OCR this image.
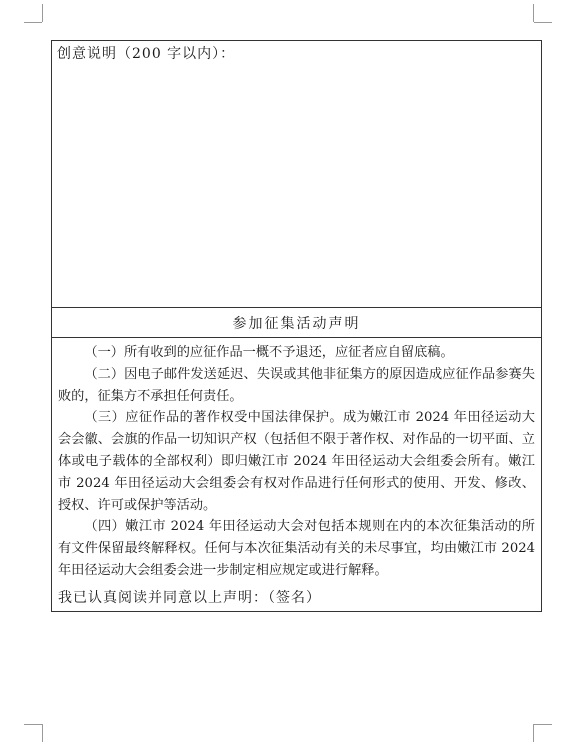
创意说明（200 字以内）：
参加征集活动声明

（一）所有收到的应征作品一概不予退还，应征者应自留底稿。

（二）因电子邮件发送延迟、失误或其他非征集方的原因造成应征作品参赛失败的，征集方不承担任何责任。

（三）应征作品的著作权受中国法律保护。成为嫩江市 2024 年田径运动大会会徽、会旗的作品一切知识产权（包括但不限于著作权、对作品的一切平面、立体或电子载体的全部权利）即归嫩江市 2024 年田径运动大会组委会所有。嫩江市 2024 年田径运动大会组委会有权对作品进行任何形式的使用、开发、修改、授权、许可或保护等活动。

（四）嫩江市 2024 年田径运动大会对包括本规则在内的本次征集活动的所有文件保留最终解释权。任何与本次征集活动有关的未尽事宜，均由嫩江市 2024 年田径运动大会组委会进一步制定相应规定或进行解释。

我已认真阅读并同意以上声明：（签名）
